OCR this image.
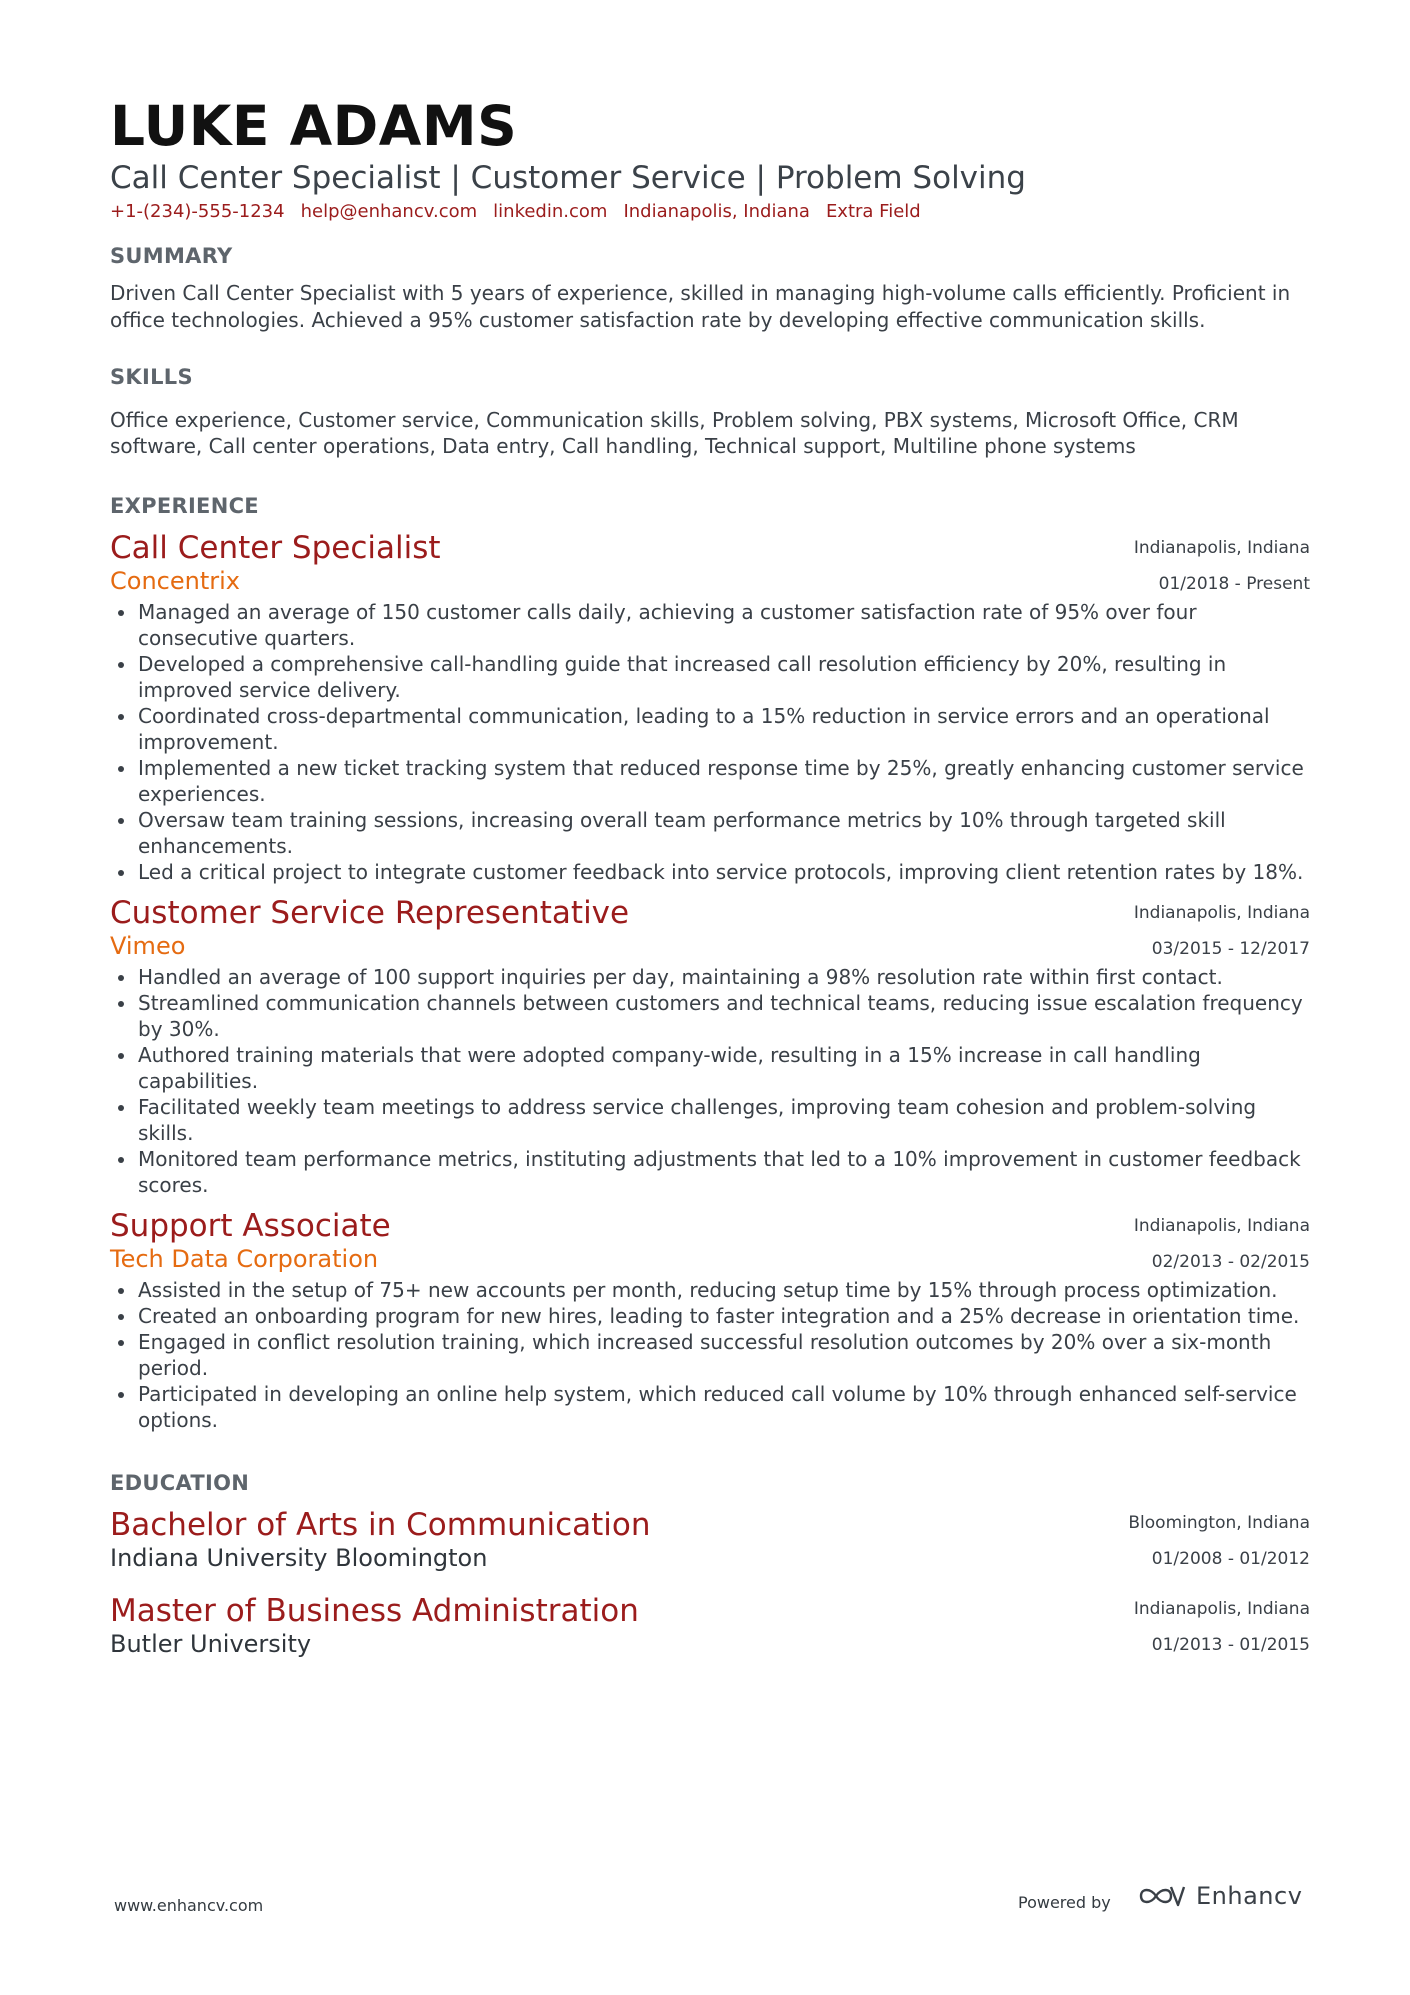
LUKE ADAMS
Call Center Specialist | Customer Service | Problem Solving
+1-(234)-555-1234 help@enhancv.com linkedin.com Indianapolis, Indiana Extra Field
SUMMARY
Driven Call Center Specialist with 5 years of experience, skilled in managing high-volume calls efficiently. Proficient in office technologies. Achieved a 95% customer satisfaction rate by developing effective communication skills.
SKILLS
Office experience, Customer service, Communication skills, Problem solving, PBX systems, Microsoft Office, CRM software, Call center operations, Data entry, Call handling, Technical support, Multiline phone systems
EXPERIENCE
Indianapolis, Indiana
01/2018 - Present
Call Center Specialist
Concentrix
Managed an average of 150 customer calls daily, achieving a customer satisfaction rate of 95% over four consecutive quarters.
Developed a comprehensive call-handling guide that increased call resolution efficiency by 20%, resulting in improved service delivery.
Coordinated cross-departmental communication, leading to a 15% reduction in service errors and an operational improvement.
Implemented a new ticket tracking system that reduced response time by 25%, greatly enhancing customer service experiences.
Oversaw team training sessions, increasing overall team performance metrics by 10% through targeted skill enhancements.
Led a critical project to integrate customer feedback into service protocols, improving client retention rates by 18%.
Indianapolis, Indiana
03/2015 - 12/2017
Customer Service Representative
Vimeo
Handled an average of 100 support inquiries per day, maintaining a 98% resolution rate within first contact.
Streamlined communication channels between customers and technical teams, reducing issue escalation frequency by 30%.
Authored training materials that were adopted company-wide, resulting in a 15% increase in call handling capabilities.
Facilitated weekly team meetings to address service challenges, improving team cohesion and problem-solving skills.
Monitored team performance metrics, instituting adjustments that led to a 10% improvement in customer feedback scores.
Indianapolis, Indiana
02/2013 - 02/2015
Support Associate
Tech Data Corporation
Assisted in the setup of 75+ new accounts per month, reducing setup time by 15% through process optimization.
Created an onboarding program for new hires, leading to faster integration and a 25% decrease in orientation time.
Engaged in conflict resolution training, which increased successful resolution outcomes by 20% over a six-month period.
Participated in developing an online help system, which reduced call volume by 10% through enhanced self-service options.
EDUCATION
Bloomington, Indiana
01/2008 - 01/2012
Bachelor of Arts in Communication
Indiana University Bloomington
Indianapolis, Indiana
01/2013 - 01/2015
Master of Business Administration
Butler University
www.enhancv.com	Powered by	Enhancv
